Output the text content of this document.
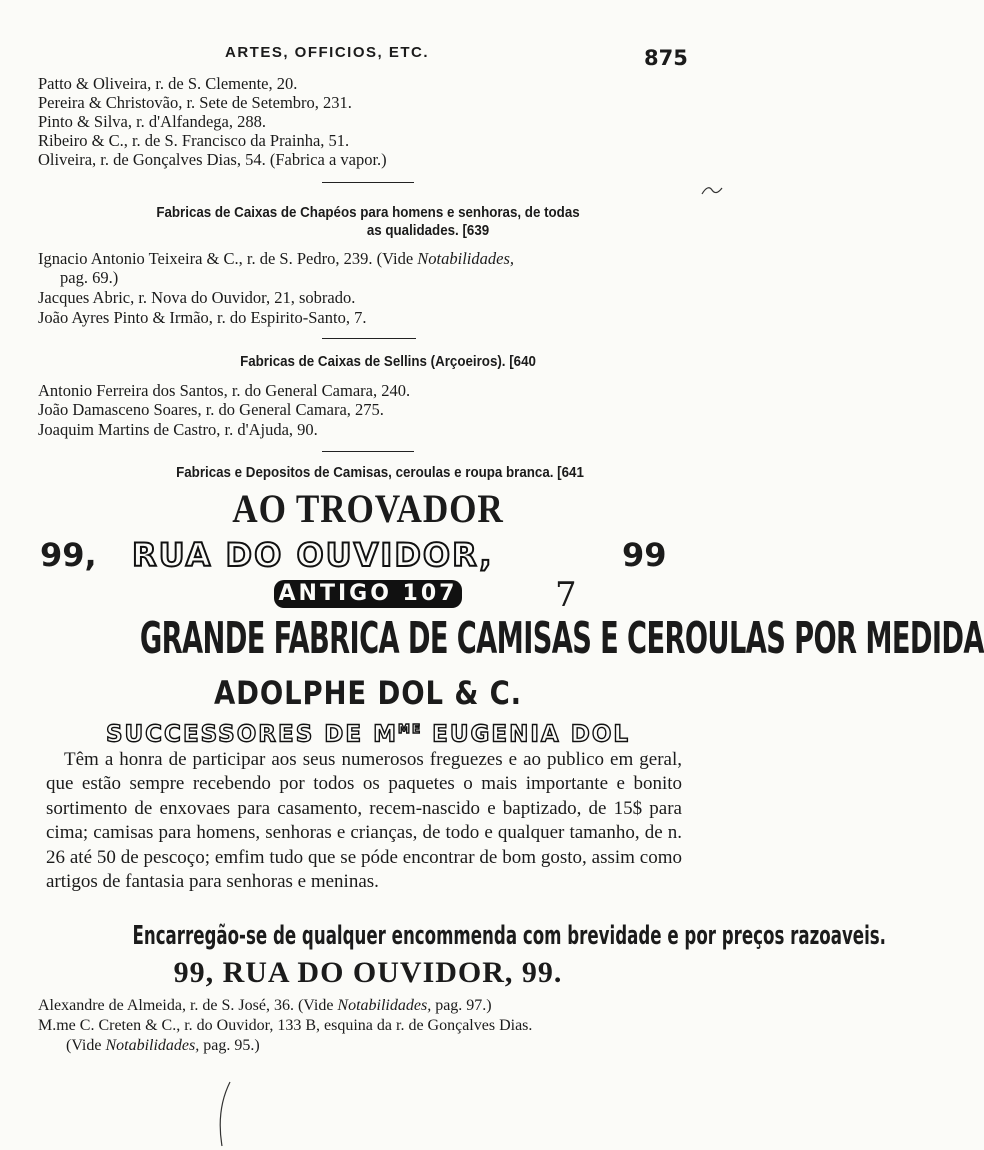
ARTES, OFFICIOS, ETC.	875
Patto & Oliveira, r. de S. Clemente, 20.
Pereira & Christovão, r. Sete de Setembro, 231.
Pinto & Silva, r. d'Alfandega, 288.
Ribeiro & C., r. de S. Francisco da Prainha, 51.
Oliveira, r. de Gonçalves Dias, 54. (Fabrica a vapor.)
Fabricas de Caixas de Chapéos para homens e senhoras, de todas
as qualidades. [639
Ignacio Antonio Teixeira & C., r. de S. Pedro, 239. (Vide Notabilidades,
pag. 69.)
Jacques Abric, r. Nova do Ouvidor, 21, sobrado.
João Ayres Pinto & Irmão, r. do Espirito-Santo, 7.
Fabricas de Caixas de Sellins (Arçoeiros). [640
Antonio Ferreira dos Santos, r. do General Camara, 240.
João Damasceno Soares, r. do General Camara, 275.
Joaquim Martins de Castro, r. d'Ajuda, 90.
Fabricas e Depositos de Camisas, ceroulas e roupa branca. [641
AO TROVADOR
99, RUA DO OUVIDOR,	99
ANTIGO 107	7
GRANDE FABRICA DE CAMISAS E CEROULAS POR MEDIDA
ADOLPHE DOL & C.
SUCCESSORES DE $M^{ME}$ EUGENIA DOL

Têm a honra de participar aos seus numerosos freguezes e ao publico em geral, que estão sempre recebendo por todos os paquetes o mais importante e bonito sortimento de enxovaes para casamento, recem-nascido e baptizado, de 15$ para cima; camisas para homens, senhoras e crianças, de todo e qualquer tamanho, de n. 26 até 50 de pescoço; emfim tudo que se póde encontrar de bom gosto, assim como artigos de fantasia para senhoras e meninas.

Encarregão-se de qualquer encommenda com brevidade e por preços razoaveis.
99, RUA DO OUVIDOR, 99.
Alexandre de Almeida, r. de S. José, 36. (Vide Notabilidades, pag. 97.)
M.me C. Creten & C., r. do Ouvidor, 133 B, esquina da r. de Gonçalves Dias.
(Vide Notabilidades, pag. 95.)
